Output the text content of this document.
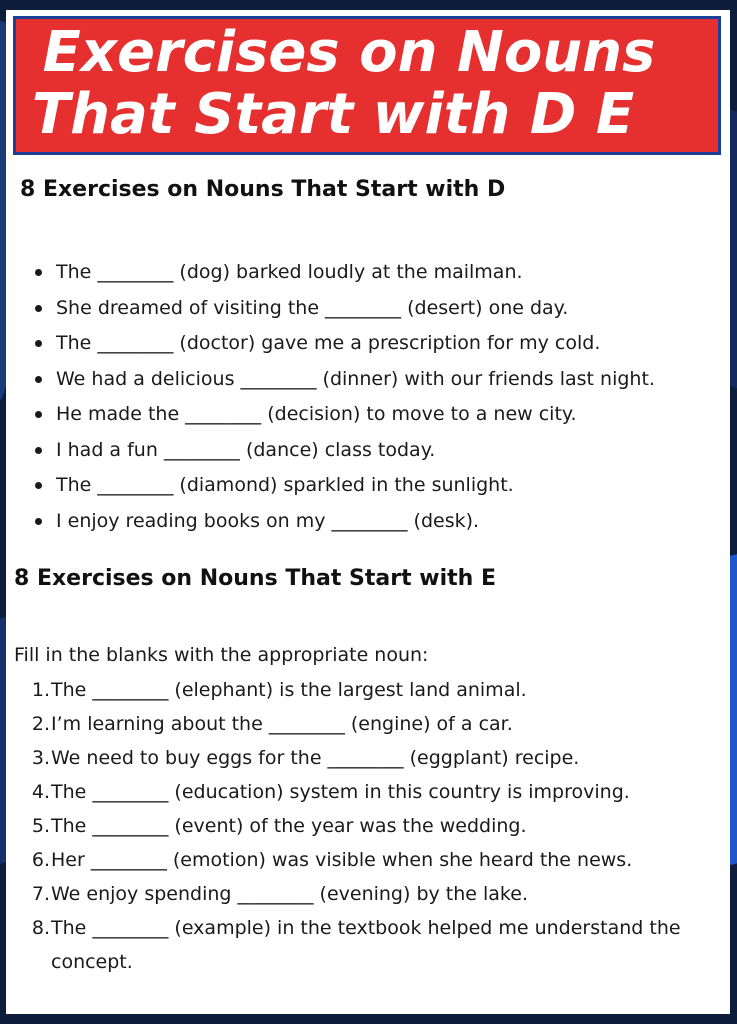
Exercises on Nouns
That Start with D E
8 Exercises on Nouns That Start with D
The ________ (dog) barked loudly at the mailman.
She dreamed of visiting the ________ (desert) one day.
The ________ (doctor) gave me a prescription for my cold.
We had a delicious ________ (dinner) with our friends last night.
He made the ________ (decision) to move to a new city.
I had a fun ________ (dance) class today.
The ________ (diamond) sparkled in the sunlight.
I enjoy reading books on my ________ (desk).
8 Exercises on Nouns That Start with E

Fill in the blanks with the appropriate noun:

1. The ________ (elephant) is the largest land animal.
2. I’m learning about the ________ (engine) of a car.
3. We need to buy eggs for the ________ (eggplant) recipe.
4. The ________ (education) system in this country is improving.
5. The ________ (event) of the year was the wedding.
6. Her ________ (emotion) was visible when she heard the news.
7. We enjoy spending ________ (evening) by the lake.
8. The ________ (example) in the textbook helped me understand the concept.
